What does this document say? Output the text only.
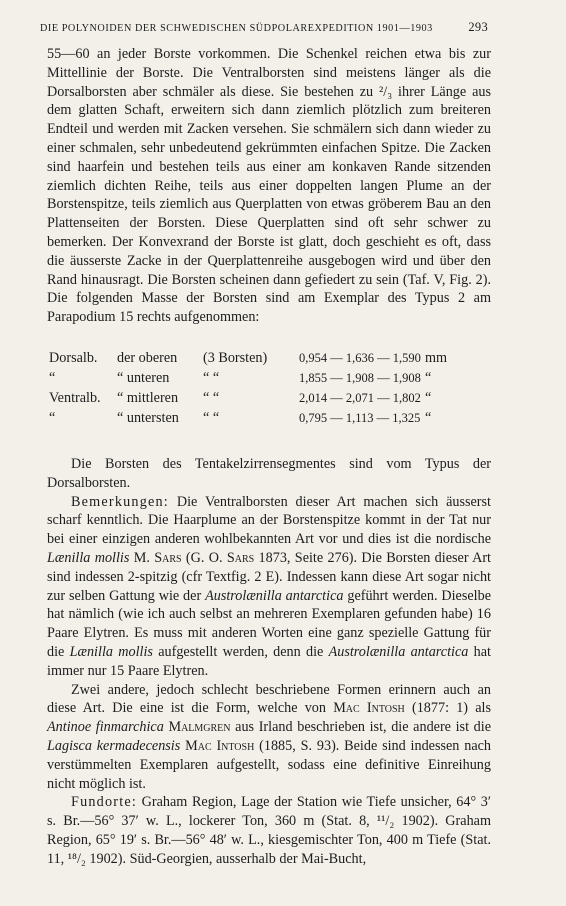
DIE POLYNOIDEN DER SCHWEDISCHEN SÜDPOLAREXPEDITION 1901—1903	293

55—60 an jeder Borste vorkommen. Die Schenkel reichen etwa bis zur Mittellinie der Borste. Die Ventralborsten sind meistens länger als die Dorsalborsten aber schmäler als diese. Sie bestehen zu ²/₃ ihrer Länge aus dem glatten Schaft, erweitern sich dann ziemlich plötzlich zum breiteren Endteil und werden mit Zacken versehen. Sie schmälern sich dann wieder zu einer schmalen, sehr unbedeutend gekrümmten einfachen Spitze. Die Zacken sind haarfein und bestehen teils aus einer am konkaven Rande sitzenden ziemlich dichten Reihe, teils aus einer doppelten langen Plume an der Borstenspitze, teils ziemlich aus Querplatten von etwas gröberem Bau an den Plattenseiten der Borsten. Diese Querplatten sind oft sehr schwer zu bemerken. Der Konvexrand der Borste ist glatt, doch geschieht es oft, dass die äusserste Zacke in der Querplattenreihe ausgebogen wird und über den Rand hinausragt. Die Borsten scheinen dann gefiedert zu sein (Taf. V, Fig. 2). Die folgenden Masse der Borsten sind am Exemplar des Typus 2 am Parapodium 15 rechts aufgenommen:

Dorsalb.	der oberen	(3 Borsten)	0,954 — 1,636 — 1,590	mm
“	“ unteren	“ “	1,855 — 1,908 — 1,908	“
Ventralb.	“ mittleren	“ “	2,014 — 2,071 — 1,802	“
“	“ untersten	“ “	0,795 — 1,113 — 1,325	“

Die Borsten des Tentakelzirrensegmentes sind vom Typus der Dorsalborsten.

Bemerkungen: Die Ventralborsten dieser Art machen sich äusserst scharf kenntlich. Die Haarplume an der Borstenspitze kommt in der Tat nur bei einer einzigen anderen wohlbekannten Art vor und dies ist die nordische Lænilla mollis M. Sars (G. O. Sars 1873, Seite 276). Die Borsten dieser Art sind indessen 2-spitzig (cfr Textfig. 2 E). Indessen kann diese Art sogar nicht zur selben Gattung wie der Austrolænilla antarctica geführt werden. Dieselbe hat nämlich (wie ich auch selbst an mehreren Exemplaren gefunden habe) 16 Paare Elytren. Es muss mit anderen Worten eine ganz spezielle Gattung für die Lænilla mollis aufgestellt werden, denn die Austrolænilla antarctica hat immer nur 15 Paare Elytren.

Zwei andere, jedoch schlecht beschriebene Formen erinnern auch an diese Art. Die eine ist die Form, welche von Mac Intosh (1877: 1) als Antinoe finmarchica Malmgren aus Irland beschrieben ist, die andere ist die Lagisca kermadecensis Mac Intosh (1885, S. 93). Beide sind indessen nach verstümmelten Exemplaren aufgestellt, sodass eine definitive Einreihung nicht möglich ist.

Fundorte: Graham Region, Lage der Station wie Tiefe unsicher, 64° 3′ s. Br.—56° 37′ w. L., lockerer Ton, 360 m (Stat. 8, ¹¹/₂ 1902). Graham Region, 65° 19′ s. Br.—56° 48′ w. L., kiesgemischter Ton, 400 m Tiefe (Stat. 11, ¹⁸/₂ 1902). Süd-Georgien, ausserhalb der Mai-Bucht,
